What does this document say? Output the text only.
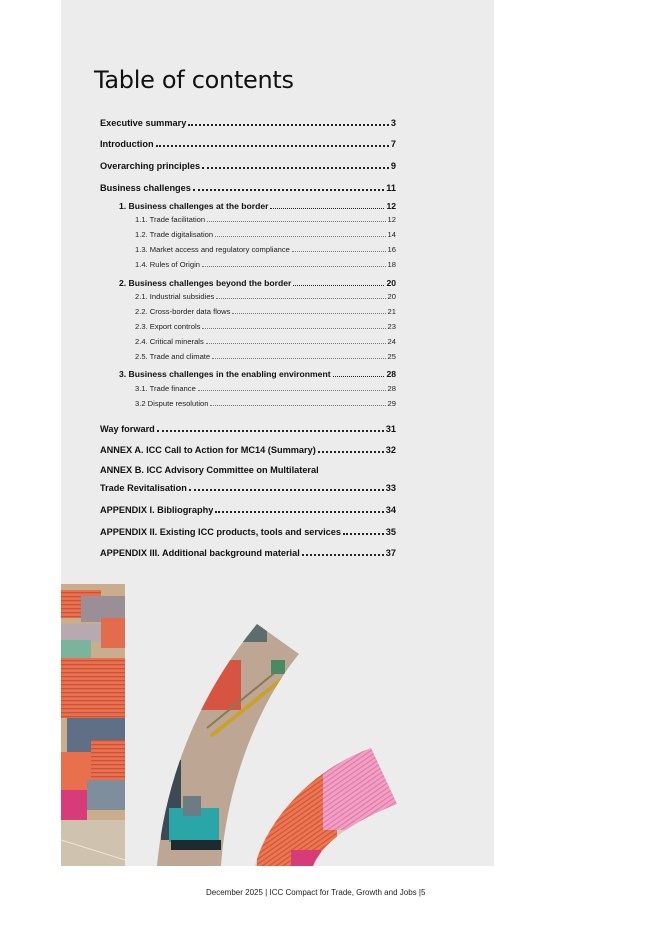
Table of contents
Executive summary	3
Introduction	7
Overarching principles	9
Business challenges	11
1. Business challenges at the border	12
1.1. Trade facilitation	12
1.2. Trade digitalisation	14
1.3. Market access and regulatory compliance	16
1.4. Rules of Origin	18
2. Business challenges beyond the border	20
2.1. Industrial subsidies	20
2.2. Cross-border data flows	21
2.3. Export controls	23
2.4. Critical minerals	24
2.5. Trade and climate	25
3. Business challenges in the enabling environment	28
3.1. Trade finance	28
3.2 Dispute resolution	29
Way forward	31
ANNEX A. ICC Call to Action for MC14 (Summary)	32
ANNEX B. ICC Advisory Committee on Multilateral
Trade Revitalisation	33
APPENDIX I. Bibliography	34
APPENDIX II. Existing ICC products, tools and services	35
APPENDIX III. Additional background material	37
December 2025 | ICC Compact for Trade, Growth and Jobs |5
